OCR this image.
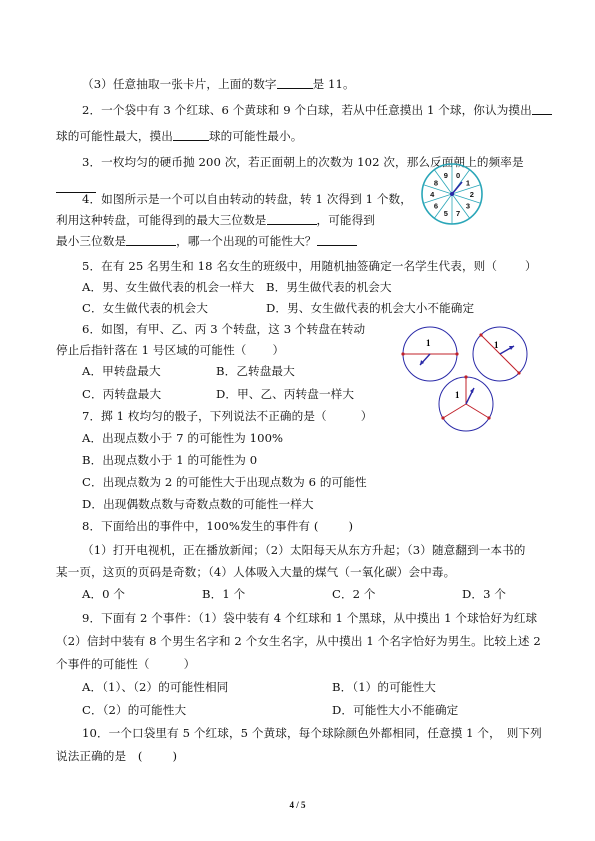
（3）任意抽取一张卡片，上面的数字	是 11。
2．一个袋中有 3 个红球、6 个黄球和 9 个白球，若从中任意摸出 1 个球，你认为摸出
球的可能性最大，摸出	球的可能性最小。
3．一枚均匀的硬币抛 200 次，若正面朝上的次数为 102 次，那么反面朝上的频率是
4．如图所示是一个可以自由转动的转盘，转 1 次得到 1 个数，
利用这种转盘，可能得到的最大三位数是	，可能得到
最小三位数是	，哪一个出现的可能性大？
0
1
2
3
7
5
6
4
8
9
5．在有 25 名男生和 18 名女生的班级中，用随机抽签确定一名学生代表，则（ ）
A．男、女生做代表的机会一样大 B．男生做代表的机会大
C．女生做代表的机会大	D．男、女生做代表的机会大小不能确定
6．如图，有甲、乙、丙 3 个转盘，这 3 个转盘在转动
停止后指针落在 1 号区域的可能性（ ）
A．甲转盘最大	B．乙转盘最大
C．丙转盘最大	D．甲、乙、丙转盘一样大
1	1
1
7．掷 1 枚均匀的骰子，下列说法不正确的是（	）
A．出现点数小于 7 的可能性为 100%
B．出现点数小于 1 的可能性为 0
C．出现点数为 2 的可能性大于出现点数为 6 的可能性
D．出现偶数点数与奇数点数的可能性一样大
8．下面给出的事件中，100%发生的事件有 (	)
（1）打开电视机，正在播放新闻；（2）太阳每天从东方升起；（3）随意翻到一本书的
某一页，这页的页码是奇数；（4）人体吸入大量的煤气（一氧化碳）会中毒。
A．0 个	B．1 个	C．2 个	D．3 个
9．下面有 2 个事件：（1）袋中装有 4 个红球和 1 个黑球，从中摸出 1 个球恰好为红球
（2）信封中装有 8 个男生名字和 2 个女生名字，从中摸出 1 个名字恰好为男生。比较上述 2
个事件的可能性（	）
A．（1）、（2）的可能性相同	B．（1）的可能性大
C．（2）的可能性大	D．可能性大小不能确定
10．一个口袋里有 5 个红球，5 个黄球，每个球除颜色外都相同，任意摸 1 个，　则下列
说法正确的是　(	)
4 / 5
